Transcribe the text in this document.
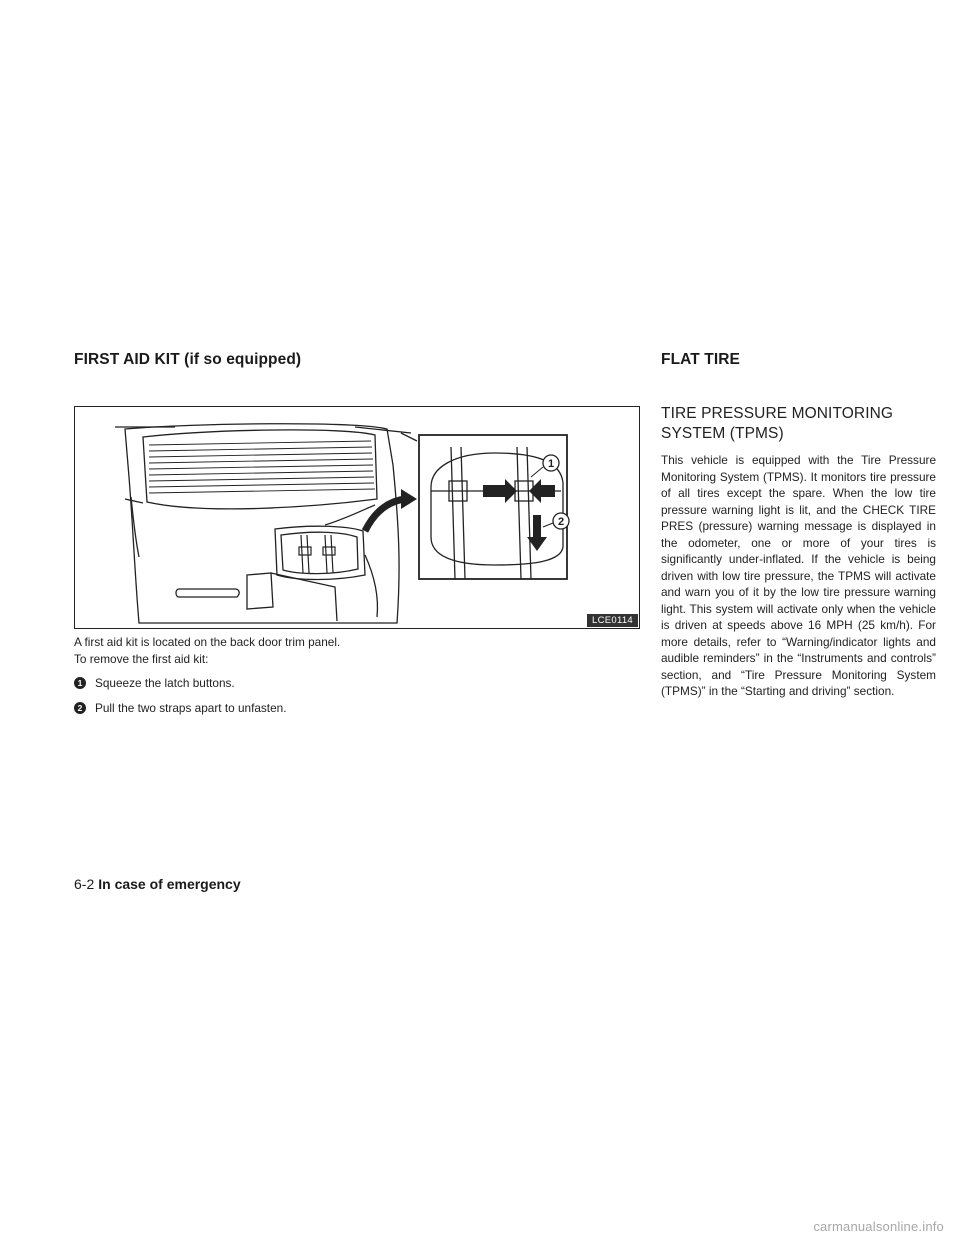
FIRST AID KIT (if so equipped)	FLAT TIRE
1
2
LCE0114

A first aid kit is located on the back door trim panel. To remove the first aid kit:

1	Squeeze the latch buttons.
2	Pull the two straps apart to unfasten.
TIRE PRESSURE MONITORING
SYSTEM (TPMS)

This vehicle is equipped with the Tire Pressure Monitoring System (TPMS). It monitors tire pressure of all tires except the spare. When the low tire pressure warning light is lit, and the CHECK TIRE PRES (pressure) warning message is displayed in the odometer, one or more of your tires is significantly under-inflated. If the vehicle is being driven with low tire pressure, the TPMS will activate and warn you of it by the low tire pressure warning light. This system will activate only when the vehicle is driven at speeds above 16 MPH (25 km/h). For more details, refer to “Warning/indicator lights and audible reminders” in the “Instruments and controls” section, and “Tire Pressure Monitoring System (TPMS)” in the “Starting and driving” section.

6-2 In case of emergency
carmanualsonline.info
